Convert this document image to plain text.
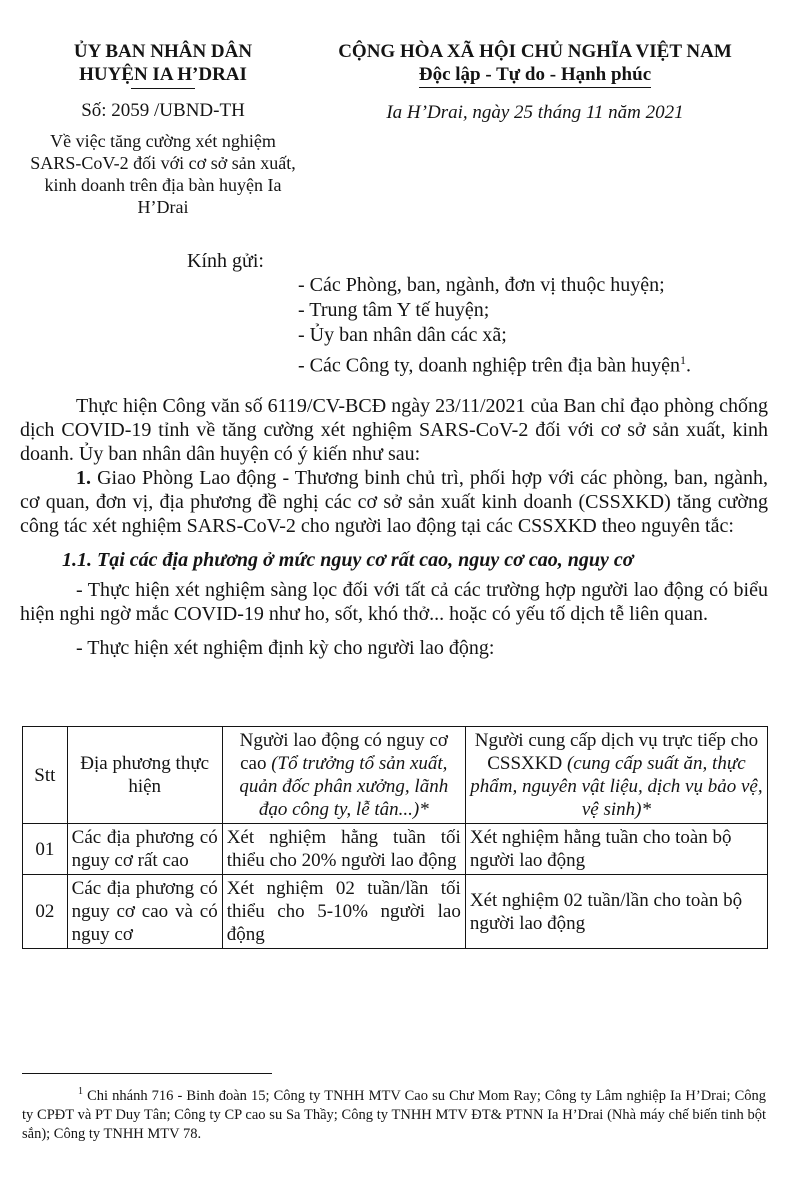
ỦY BAN NHÂN DÂN
HUYỆN IA H’DRAI
Số: 2059 /UBND-TH
Về việc tăng cường xét nghiệm SARS-CoV-2 đối với cơ sở sản xuất, kinh doanh trên địa bàn huyện Ia H’Drai
CỘNG HÒA XÃ HỘI CHỦ NGHĨA VIỆT NAM
Độc lập - Tự do - Hạnh phúc
Ia H’Drai, ngày 25 tháng 11 năm 2021
Kính gửi:
- Các Phòng, ban, ngành, đơn vị thuộc huyện;
- Trung tâm Y tế huyện;
- Ủy ban nhân dân các xã;
- Các Công ty, doanh nghiệp trên địa bàn huyện$^1$.

Thực hiện Công văn số 6119/CV-BCĐ ngày 23/11/2021 của Ban chỉ đạo phòng chống dịch COVID-19 tỉnh về tăng cường xét nghiệm SARS-CoV-2 đối với cơ sở sản xuất, kinh doanh. Ủy ban nhân dân huyện có ý kiến như sau:

1. Giao Phòng Lao động - Thương binh chủ trì, phối hợp với các phòng, ban, ngành, cơ quan, đơn vị, địa phương đề nghị các cơ sở sản xuất kinh doanh (CSSXKD) tăng cường công tác xét nghiệm SARS-CoV-2 cho người lao động tại các CSSXKD theo nguyên tắc:

1.1. Tại các địa phương ở mức nguy cơ rất cao, nguy cơ cao, nguy cơ

- Thực hiện xét nghiệm sàng lọc đối với tất cả các trường hợp người lao động có biểu hiện nghi ngờ mắc COVID-19 như ho, sốt, khó thở... hoặc có yếu tố dịch tễ liên quan.

- Thực hiện xét nghiệm định kỳ cho người lao động:

Stt	Địa phương thực hiện	Người lao động có nguy cơ cao (Tổ trưởng tổ sản xuất, quản đốc phân xưởng, lãnh đạo công ty, lễ tân...)*	Người cung cấp dịch vụ trực tiếp cho CSSXKD (cung cấp suất ăn, thực phẩm, nguyên vật liệu, dịch vụ bảo vệ, vệ sinh)*
01	Các địa phương có nguy cơ rất cao	Xét nghiệm hằng tuần tối thiểu cho 20% người lao động	Xét nghiệm hằng tuần cho toàn bộ người lao động
02	Các địa phương có nguy cơ cao và có nguy cơ	Xét nghiệm 02 tuần/lần tối thiểu cho 5-10% người lao động	Xét nghiệm 02 tuần/lần cho toàn bộ người lao động
$^1$ Chi nhánh 716 - Binh đoàn 15; Công ty TNHH MTV Cao su Chư Mom Ray; Công ty Lâm nghiệp Ia H’Drai; Công ty CPĐT và PT Duy Tân; Công ty CP cao su Sa Thầy; Công ty TNHH MTV ĐT& PTNN Ia H’Drai (Nhà máy chế biến tinh bột sắn); Công ty TNHH MTV 78.
